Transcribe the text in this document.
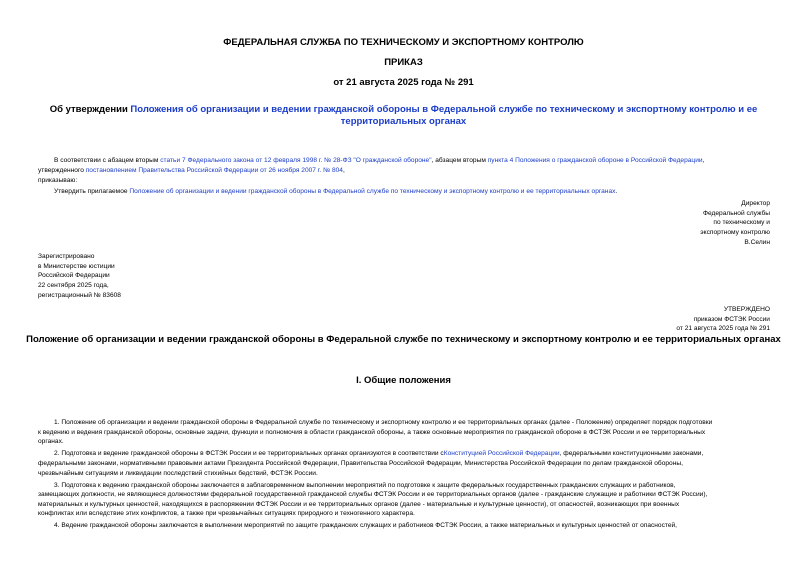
ФЕДЕРАЛЬНАЯ СЛУЖБА ПО ТЕХНИЧЕСКОМУ И ЭКСПОРТНОМУ КОНТРОЛЮ
ПРИКАЗ
от 21 августа 2025 года № 291
Об утверждении Положения об организации и ведении гражданской обороны в Федеральной службе по техническому и экспортному контролю и ее
территориальных органах
В соответствии с абзацем вторым статьи 7 Федерального закона от 12 февраля 1998 г. № 28-ФЗ "О гражданской обороне", абзацем вторым пункта 4 Положения о гражданской обороне в Российской Федерации,
утвержденного постановлением Правительства Российской Федерации от 26 ноября 2007 г. № 804,
приказываю:
Утвердить прилагаемое Положение об организации и ведении гражданской обороны в Федеральной службе по техническому и экспортному контролю и ее территориальных органах.
Директор
Федеральной службы
по техническому и
экспортному контролю
В.Селин
Зарегистрировано
в Министерстве юстиции
Российской Федерации
22 сентября 2025 года,
регистрационный № 83608
УТВЕРЖДЕНО
приказом ФСТЭК России
от 21 августа 2025 года № 291
Положение об организации и ведении гражданской обороны в Федеральной службе по техническому и экспортному контролю и ее территориальных органах
I. Общие положения
1. Положение об организации и ведении гражданской обороны в Федеральной службе по техническому и экспортному контролю и ее территориальных органах (далее - Положение) определяет порядок подготовки
к ведению и ведения гражданской обороны, основные задачи, функции и полномочия в области гражданской обороны, а также основные мероприятия по гражданской обороне в ФСТЭК России и ее территориальных
органах.
2. Подготовка и ведение гражданской обороны в ФСТЭК России и ее территориальных органах организуются в соответствии сКонституцией Российской Федерации, федеральными конституционными законами,
федеральными законами, нормативными правовыми актами Президента Российской Федерации, Правительства Российской Федерации, Министерства Российской Федерации по делам гражданской обороны,
чрезвычайным ситуациям и ликвидации последствий стихийных бедствий, ФСТЭК России.
3. Подготовка к ведению гражданской обороны заключается в заблаговременном выполнении мероприятий по подготовке к защите федеральных государственных гражданских служащих и работников,
замещающих должности, не являющиеся должностями федеральной государственной гражданской службы ФСТЭК России и ее территориальных органов (далее - гражданские служащие и работники ФСТЭК России),
материальных и культурных ценностей, находящихся в распоряжении ФСТЭК России и ее территориальных органов (далее - материальные и культурные ценности), от опасностей, возникающих при военных
конфликтах или вследствие этих конфликтов, а также при чрезвычайных ситуациях природного и техногенного характера.
4. Ведение гражданской обороны заключается в выполнении мероприятий по защите гражданских служащих и работников ФСТЭК России, а также материальных и культурных ценностей от опасностей,
